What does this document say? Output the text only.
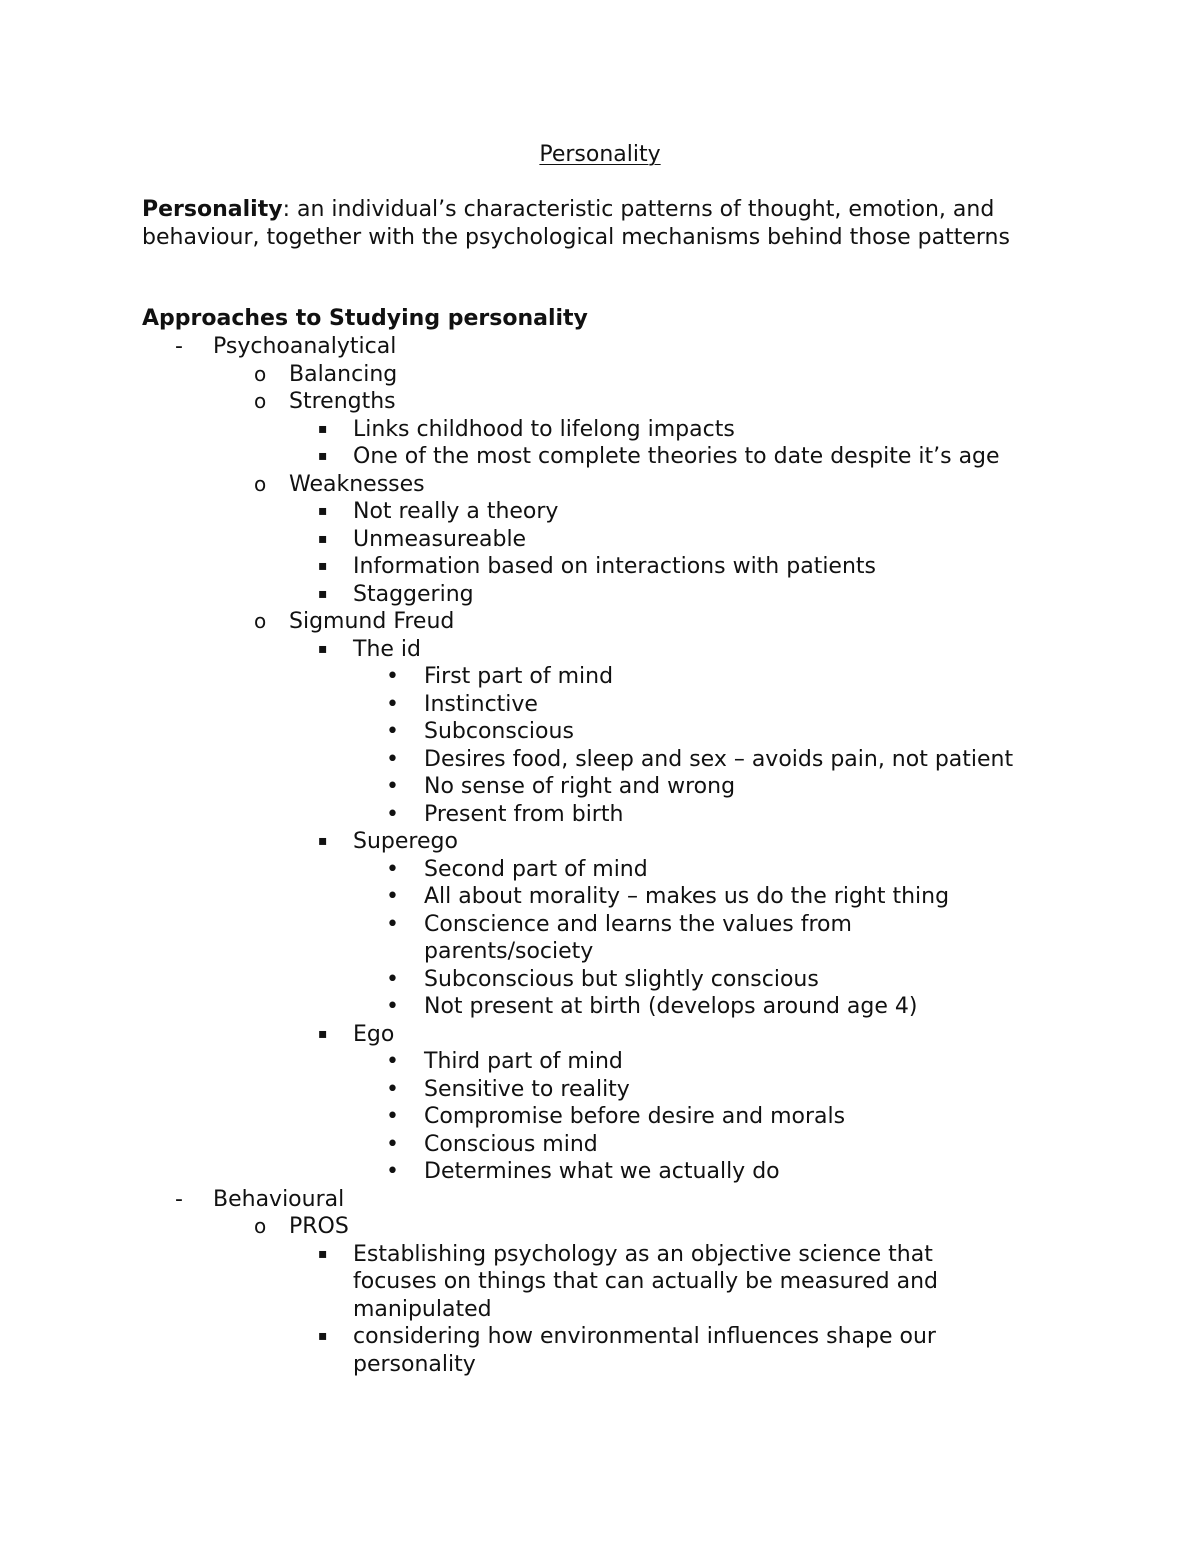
Personality
Personality: an individual’s characteristic patterns of thought, emotion, and behaviour, together with the psychological mechanisms behind those patterns
Approaches to Studying personality
- Psychoanalytical
o Balancing
o Strengths
▪ Links childhood to lifelong impacts
▪ One of the most complete theories to date despite it’s age
o Weaknesses
▪ Not really a theory
▪ Unmeasureable
▪ Information based on interactions with patients
▪ Staggering
o Sigmund Freud
▪ The id
• First part of mind
• Instinctive
• Subconscious
• Desires food, sleep and sex – avoids pain, not patient
• No sense of right and wrong
• Present from birth
▪ Superego
• Second part of mind
• All about morality – makes us do the right thing
• Conscience and learns the values from parents/society
• Subconscious but slightly conscious
• Not present at birth (develops around age 4)
▪ Ego
• Third part of mind
• Sensitive to reality
• Compromise before desire and morals
• Conscious mind
• Determines what we actually do
- Behavioural
o PROS
▪ Establishing psychology as an objective science that focuses on things that can actually be measured and manipulated
▪ considering how environmental influences shape our personality
